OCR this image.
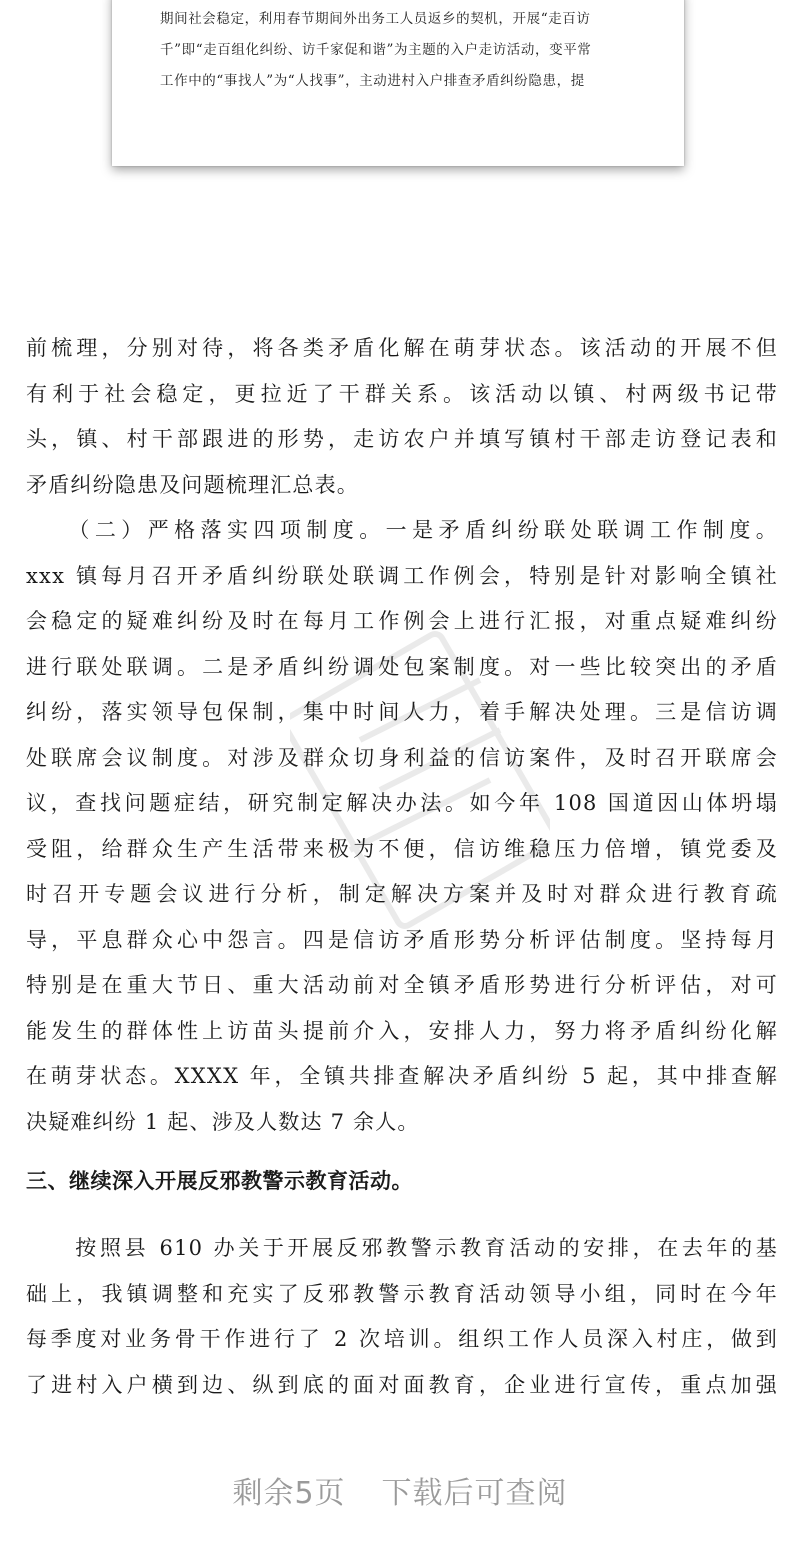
期间社会稳定，利用春节期间外出务工人员返乡的契机，开展“走百访
千”即“走百组化纠纷、访千家促和谐”为主题的入户走访活动，变平常
工作中的“事找人”为“人找事”，主动进村入户排查矛盾纠纷隐患，提

前梳理，分别对待，将各类矛盾化解在萌芽状态。该活动的开展不但
有利于社会稳定，更拉近了干群关系。该活动以镇、村两级书记带
头，镇、村干部跟进的形势，走访农户并填写镇村干部走访登记表和
矛盾纠纷隐患及问题梳理汇总表。

　　（二）严格落实四项制度。一是矛盾纠纷联处联调工作制度。
xxx 镇每月召开矛盾纠纷联处联调工作例会，特别是针对影响全镇社
会稳定的疑难纠纷及时在每月工作例会上进行汇报，对重点疑难纠纷
进行联处联调。二是矛盾纠纷调处包案制度。对一些比较突出的矛盾
纠纷，落实领导包保制，集中时间人力，着手解决处理。三是信访调
处联席会议制度。对涉及群众切身利益的信访案件，及时召开联席会
议，查找问题症结，研究制定解决办法。如今年 108 国道因山体坍塌
受阻，给群众生产生活带来极为不便，信访维稳压力倍增，镇党委及
时召开专题会议进行分析，制定解决方案并及时对群众进行教育疏
导，平息群众心中怨言。四是信访矛盾形势分析评估制度。坚持每月
特别是在重大节日、重大活动前对全镇矛盾形势进行分析评估，对可
能发生的群体性上访苗头提前介入，安排人力，努力将矛盾纠纷化解
在萌芽状态。XXXX 年，全镇共排查解决矛盾纠纷 5 起，其中排查解
决疑难纠纷 1 起、涉及人数达 7 余人。

三、继续深入开展反邪教警示教育活动。

　　按照县 610 办关于开展反邪教警示教育活动的安排，在去年的基
础上，我镇调整和充实了反邪教警示教育活动领导小组，同时在今年
每季度对业务骨干作进行了 2 次培训。组织工作人员深入村庄，做到
了进村入户横到边、纵到底的面对面教育，企业进行宣传，重点加强

剩余5页 下载后可查阅
